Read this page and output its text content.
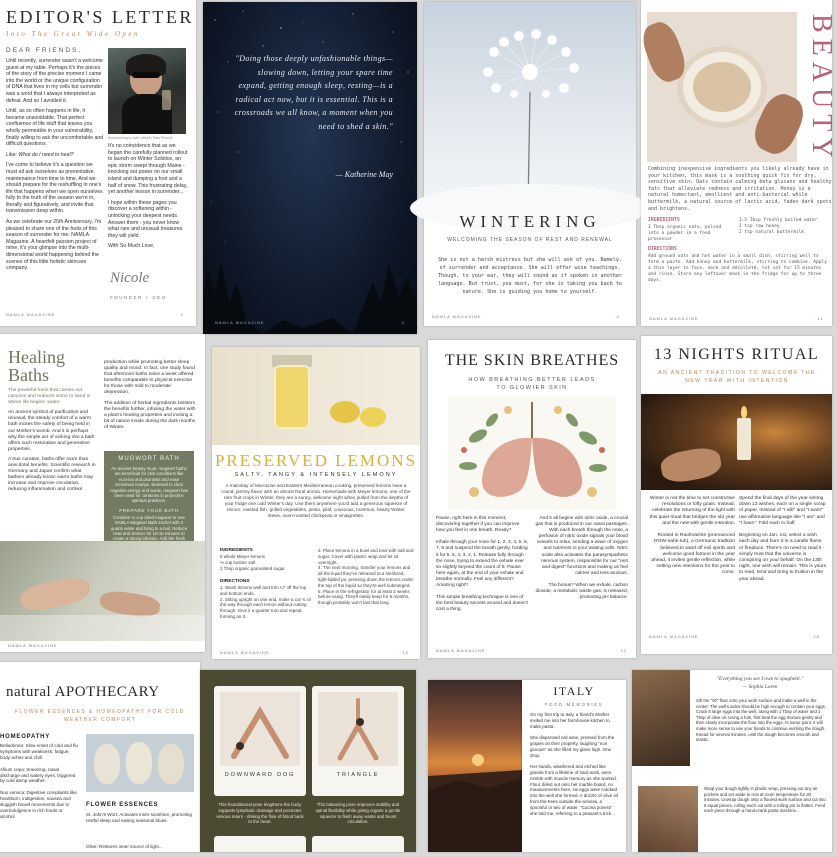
EDITOR'S LETTER
Into The Great Wide Open
DEAR FRIENDS,

Until recently, surrender wasn't a welcome guest at my table. Perhaps it's the pieces of the story of the precise moment I came into the world or the unique configuration of DNA that lives in my cells but surrender was a word that I always interpreted as defeat. And so I avoided it.

Until, as so often happens in life, it became unavoidable. That perfect confluence of life stuff that leaves you wholly permeable in your vulnerability, finally willing to ask the uncomfortable and difficult questions.

Like: What do I need to heal?

I've come to believe it's a question we must all ask ourselves as preventative maintenance from time to time. And we should prepare for the reshuffling in one's life that happens when we open ourselves fully to the truth of the season we're in, literally and figuratively, and invite that transmission deep within.

As we celebrate our 25th Anniversary, I'm pleased to share one of the fruits of this season of surrender for me: NAMLA Magazine. A heartfelt passion project of mine, it's your glimpse into the multi-dimensional world happening behind the scenes of this little holistic skincare company.

Surrendering to Joie Loftsell | Rafa Pierrick

It's no coincidence that as we began the carefully planned rollout to launch on Winter Solstice, an epic storm swept through Maine - knocking out power on our small island and dumping a foot and a half of snow. This frustrating delay, yet another lesson in surrender...

I hope within these pages you discover a softening within - unlocking your deepest needs. Answer them - you never know what rare and unusual treasures they will yield.

With So Much Love,

Nicole
FOUNDER + CEO
NAMLA MAGAZINE	· 2
"Doing those deeply unfashionable things—slowing down, letting your spare time expand, getting enough sleep, resting—is a radical act now, but it is essential. This is a crossroads we all know, a moment when you need to shed a skin."
— Katherine May
NAMLA MAGAZINE	· 3
WINTERING
WELCOMING THE SEASON OF REST AND RENEWAL
She is not a harsh mistress but she will ask of you. Namely, of surrender and acceptance. She will offer wise teachings. Though, to your ear, they will sound as if spoken in another language. But trust, you must, for she is taking you back to nature. She is guiding you home to yourself.
NAMLA MAGAZINE	· 4
BEAUTY
Combining inexpensive ingredients you likely already have in your kitchen, this mask is a soothing quick fix for dry, sensitive skin. Oats contain calming beta glucans and healthy fats that alleviate redness and irritation. Honey is a natural humectant, emollient and anti-bacterial while buttermilk, a natural source of lactic acid, fades dark spots and brightens.
INGREDIENTS
3 Tbsp organic oats, pulsed into a powder in a food processor
1.5 Tbsp freshly boiled water
1 tsp raw honey
2 tsp natural buttermilk
DIRECTIONS
Add ground oats and hot water in a small dish, stirring well to form a paste. Add honey and buttermilk, stirring to combine. Apply a thin layer to face, neck and décolleté, let set for 15 minutes and rinse. Store any leftover mask in the fridge for up to three days.
NAMLA MAGAZINE	· 11
Healing
Baths

The powerful force that carves out canyons and reduces stone to sand is where life begins: water.

An ancient symbol of purification and renewal, the steady comfort of a warm bath incites the safety of being held in our Mother's womb. And it is perhaps why the simple act of sinking into a bath offers such restorative and generative properties.

A true curative, baths offer more than anecdotal benefits. Scientific research in Germany and Japan confirm what bathers already know: warm baths may increase and improve circulation, reducing inflammation and cortisol

production while promoting better sleep quality and mood. In fact, one study found that afternoon baths twice a week offered benefits comparable to physical exercise for those with mild to moderate depression.

The addition of herbal ingredients bolsters the benefits further, infusing the water with a plant's healing properties and inviting a bit of nature inside during the dark months of Winter.

MUGWORT BATH
An ancient beauty ritual, mugwort baths are beneficial for skin conditions like eczema and psoriasis and ease menstrual cramps. Believed to clear negative energy and auras, mugwort has been used for centuries in protective spiritual practices.
PREPARE YOUR BATH
Combine ¼ cup dried mugwort or one NAMLA Mugwort Bath sachet with 2 quarts water and bring to a boil. Reduce heat and simmer for 10-15 minutes to create a strong infusion. Add the fresh
NAMLA MAGAZINE
PRESERVED LEMONS
SALTY, TANGY & INTENSELY LEMONY
A mainstay of Moroccan and Eastern Mediterranean cooking, preserved lemons have a round, jammy flavor with an almost floral aroma. Homemade with Meyer lemons, one of the rare fruit crops in Winter, they are a sunny, welcome sight when pulled from the depths of your fridge one cold Winter's day. Use them anywhere you'd add a generous squeeze of lemon: roasted fish, grilled vegetables, pesto, pilaf, couscous, hummus, hearty Winter stews, oven-roasted chickpeas or vinaigrettes.
INGREDIENTS
5 whole Meyer lemons
⅓ cup kosher salt
2 Tbsp organic granulated sugar
DIRECTIONS
1. Wash lemons well and trim ¼" off the top and bottom ends.
2. Sitting upright on one end, make a cut ¾ of the way through each lemon without cutting through. Give it a quarter turn and repeat, forming an X.
3. Place lemons in a bowl and toss with salt and sugar. Cover with plastic wrap and let sit overnight.
4. The next morning, transfer your lemons and all the liquid they've released to a sterilized, tight-lidded jar, pressing down the lemons under the top of the liquid so they're well submerged.
5. Place in the refrigerator for at least 2 weeks before using. They'll easily keep for 6 months, though probably won't last that long.
NAMLA MAGAZINE	· 19
THE SKIN BREATHES
HOW BREATHING BETTER LEADS TO GLOWIER SKIN
Pause, right here in this moment, discovering together if you can improve how you feel in one breath. Ready?

Inhale through your nose for 1, 2, 3, 4, 5, 6, 7, 8 and suspend the breath gently, holding it for 5, 6, 4, 3, 2, 1. Release fully through the nose, trying to extend the exhale ever so slightly beyond the count of 8. Pause here again, at the end of your exhale and breathe normally. Feel any different? Amazing right?

This simple breathing technique is one of the best beauty secrets around and doesn't cost a thing.
And it all begins with nitric oxide, a crucial gas that is produced in our nasal passages. With each breath through the nose, a perfusion of nitric oxide signals your blood vessels to relax, sending a wave of oxygen and nutrients to your waiting cells. Nitric oxide also activates the parasympathetic nervous system, responsible for our "rest and digest" functions and making us feel calmer and less anxious.

The bonus? When we exhale, carbon dioxide, a metabolic waste gas, is released, promoting pH balance.
NAMLA MAGAZINE	· 22
13 NIGHTS RITUAL
AN ANCIENT TRADITION TO WELCOME THE NEW YEAR WITH INTENTION
Winter is not the time to set constrictive resolutions or lofty goals. Instead, celebrate the returning of the light with this quiet ritual that bridges the old year and the new with gentle intention.

Rooted in Rauhnächte (pronounced ROW-nahk-tuh), a Germanic tradition believed to ward off evil spirits and welcome good fortune in the year ahead, it invites gentle reflection, while setting new intentions for the year to come.
Spend the final days of the year writing down 13 wishes, each on a single scrap of paper. Instead of "I will" and "I want" use affirmative language like "I am" and "I have." Fold each in half.

Beginning on Jan. 1st, select a wish each day and burn it in a candle flame or fireplace. There's no need to read it - simply trust that the universe is conspiring on your behalf. On the 13th night, one wish will remain. This is yours to read, tend and bring to fruition in the year ahead.
NAMLA MAGAZINE	· 26
natural APOTHECARY
FLOWER ESSENCES & HOMEOPATHY FOR COLD WEATHER COMFORT
HOMEOPATHY
Belladonna: Slow onset of cold and flu symptoms with weakness, fatigue, body aches and chill.

Allium cepa: Sneezing, nasal discharge and watery eyes, triggered by cold damp weather.

Nux vomica: Digestive complaints like heartburn, indigestion, nausea and sluggish bowel movements due to overindulgence in rich foods or alcohol.
FLOWER ESSENCES
St. John's Wort: Activates inner sunshine, promoting restful sleep and easing seasonal blues.
Olive: Restores inner source of light...
DOWNWARD DOG	TRIANGLE
This foundational pose lengthens the body, supports lymphatic drainage and promotes venous return - driving the flow of blood back to the heart.
This balancing pose improves stability and spinal flexibility while giving organs a gentle squeeze to flush away waste and boost circulation.
ITALY
FOOD MEMORIES
On my first trip to Italy, a friend's Mother invited me into her farmhouse kitchen to make pasta.

She dispensed red wine, pressed from the grapes on their property, laughing "non giocare" as she filled my glass high. One drop.

Her hands, weathered and etched like granite from a lifetime of hard work, were nimble with muscle memory as she worked. Flour doled out onto her marble board, no measurements here, six eggs were cracked into the well she formed. A drizzle of olive oil from the trees outside the window, a spoonful or two of water. "Cucina povera" she told me, referring to a peasant's trick...
"Everything you see I owe to spaghetti."
— Sophia Loren
Sift the "00" flour onto your work surface and make a well in the center. The well's sides should be high enough to contain your eggs. Crack 5 large eggs into the well, along with 1 Tbsp of water and 1 Tbsp of olive oil. Using a fork, first beat the egg mixture gently and then slowly incorporate the flour into the eggs. At some point, it will make more sense to use your hands to continue working the dough. Knead for several minutes, until the dough becomes smooth and elastic.
Wrap your dough tightly in plastic wrap, pressing out any air pockets and set aside to rest at room temperature for 30 minutes. Unwrap dough onto a floured work surface and cut into 8 equal pieces, rolling each out with a rolling pin to flatten. Feed each piece through a hand-crank pasta machine...
